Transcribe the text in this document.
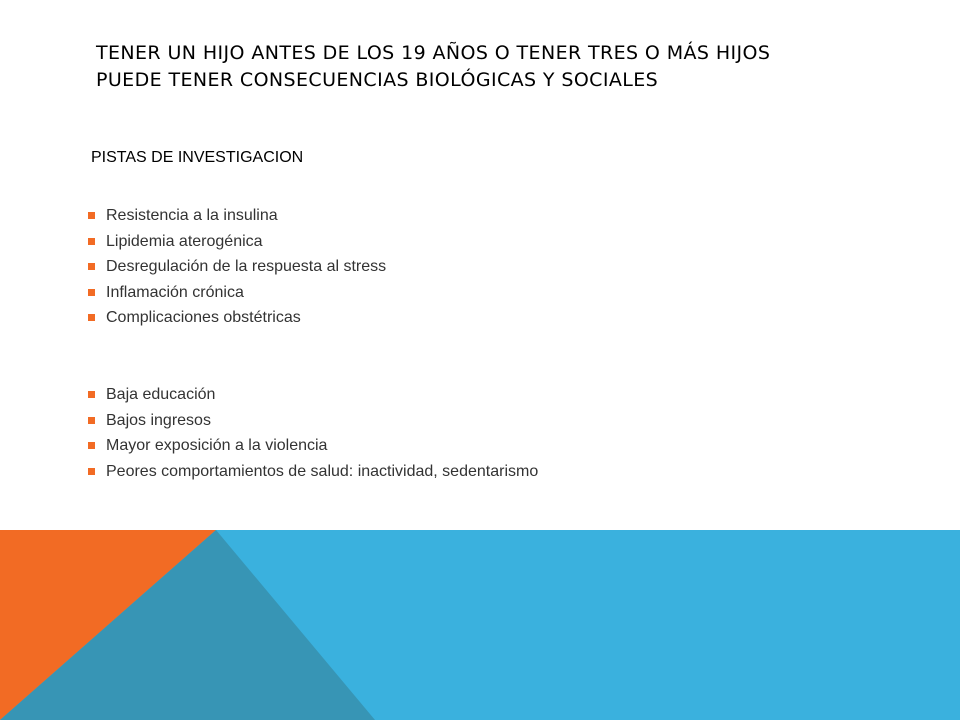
TENER UN HIJO ANTES DE LOS 19 AÑOS O TENER TRES O MÁS HIJOS
PUEDE TENER CONSECUENCIAS BIOLÓGICAS Y SOCIALES

PISTAS DE INVESTIGACION

Resistencia a la insulina
Lipidemia aterogénica
Desregulación de la respuesta al stress
Inflamación crónica
Complicaciones obstétricas
Baja educación
Bajos ingresos
Mayor exposición a la violencia
Peores comportamientos de salud: inactividad, sedentarismo
